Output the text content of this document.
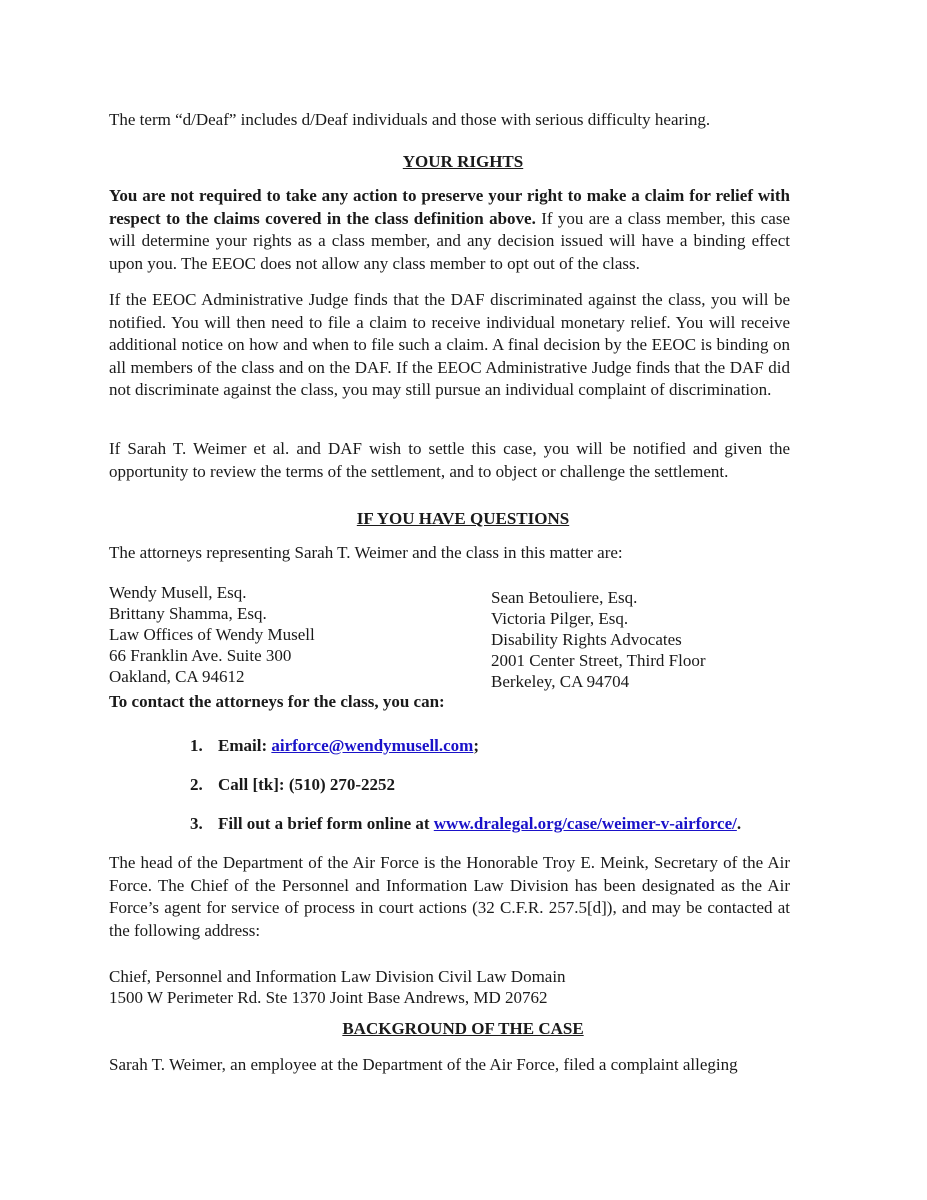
The term “d/Deaf” includes d/Deaf individuals and those with serious difficulty hearing.

YOUR RIGHTS

You are not required to take any action to preserve your right to make a claim for relief with respect to the claims covered in the class definition above. If you are a class member, this case will determine your rights as a class member, and any decision issued will have a binding effect upon you. The EEOC does not allow any class member to opt out of the class.

If the EEOC Administrative Judge finds that the DAF discriminated against the class, you will be notified. You will then need to file a claim to receive individual monetary relief. You will receive additional notice on how and when to file such a claim. A final decision by the EEOC is binding on all members of the class and on the DAF. If the EEOC Administrative Judge finds that the DAF did not discriminate against the class, you may still pursue an individual complaint of discrimination.

If Sarah T. Weimer et al. and DAF wish to settle this case, you will be notified and given the opportunity to review the terms of the settlement, and to object or challenge the settlement.

IF YOU HAVE QUESTIONS

The attorneys representing Sarah T. Weimer and the class in this matter are:

Wendy Musell, Esq.
Brittany Shamma, Esq.
Law Offices of Wendy Musell
66 Franklin Ave. Suite 300
Oakland, CA 94612
Sean Betouliere, Esq.
Victoria Pilger, Esq.
Disability Rights Advocates
2001 Center Street, Third Floor
Berkeley, CA 94704
To contact the attorneys for the class, you can:
1. Email: airforce@wendymusell.com;
2. Call [tk]: (510) 270-2252
3. Fill out a brief form online at www.dralegal.org/case/weimer-v-airforce/.

The head of the Department of the Air Force is the Honorable Troy E. Meink, Secretary of the Air Force. The Chief of the Personnel and Information Law Division has been designated as the Air Force’s agent for service of process in court actions (32 C.F.R. 257.5[d]), and may be contacted at the following address:

Chief, Personnel and Information Law Division Civil Law Domain
1500 W Perimeter Rd. Ste 1370 Joint Base Andrews, MD 20762
BACKGROUND OF THE CASE

Sarah T. Weimer, an employee at the Department of the Air Force, filed a complaint alleging
